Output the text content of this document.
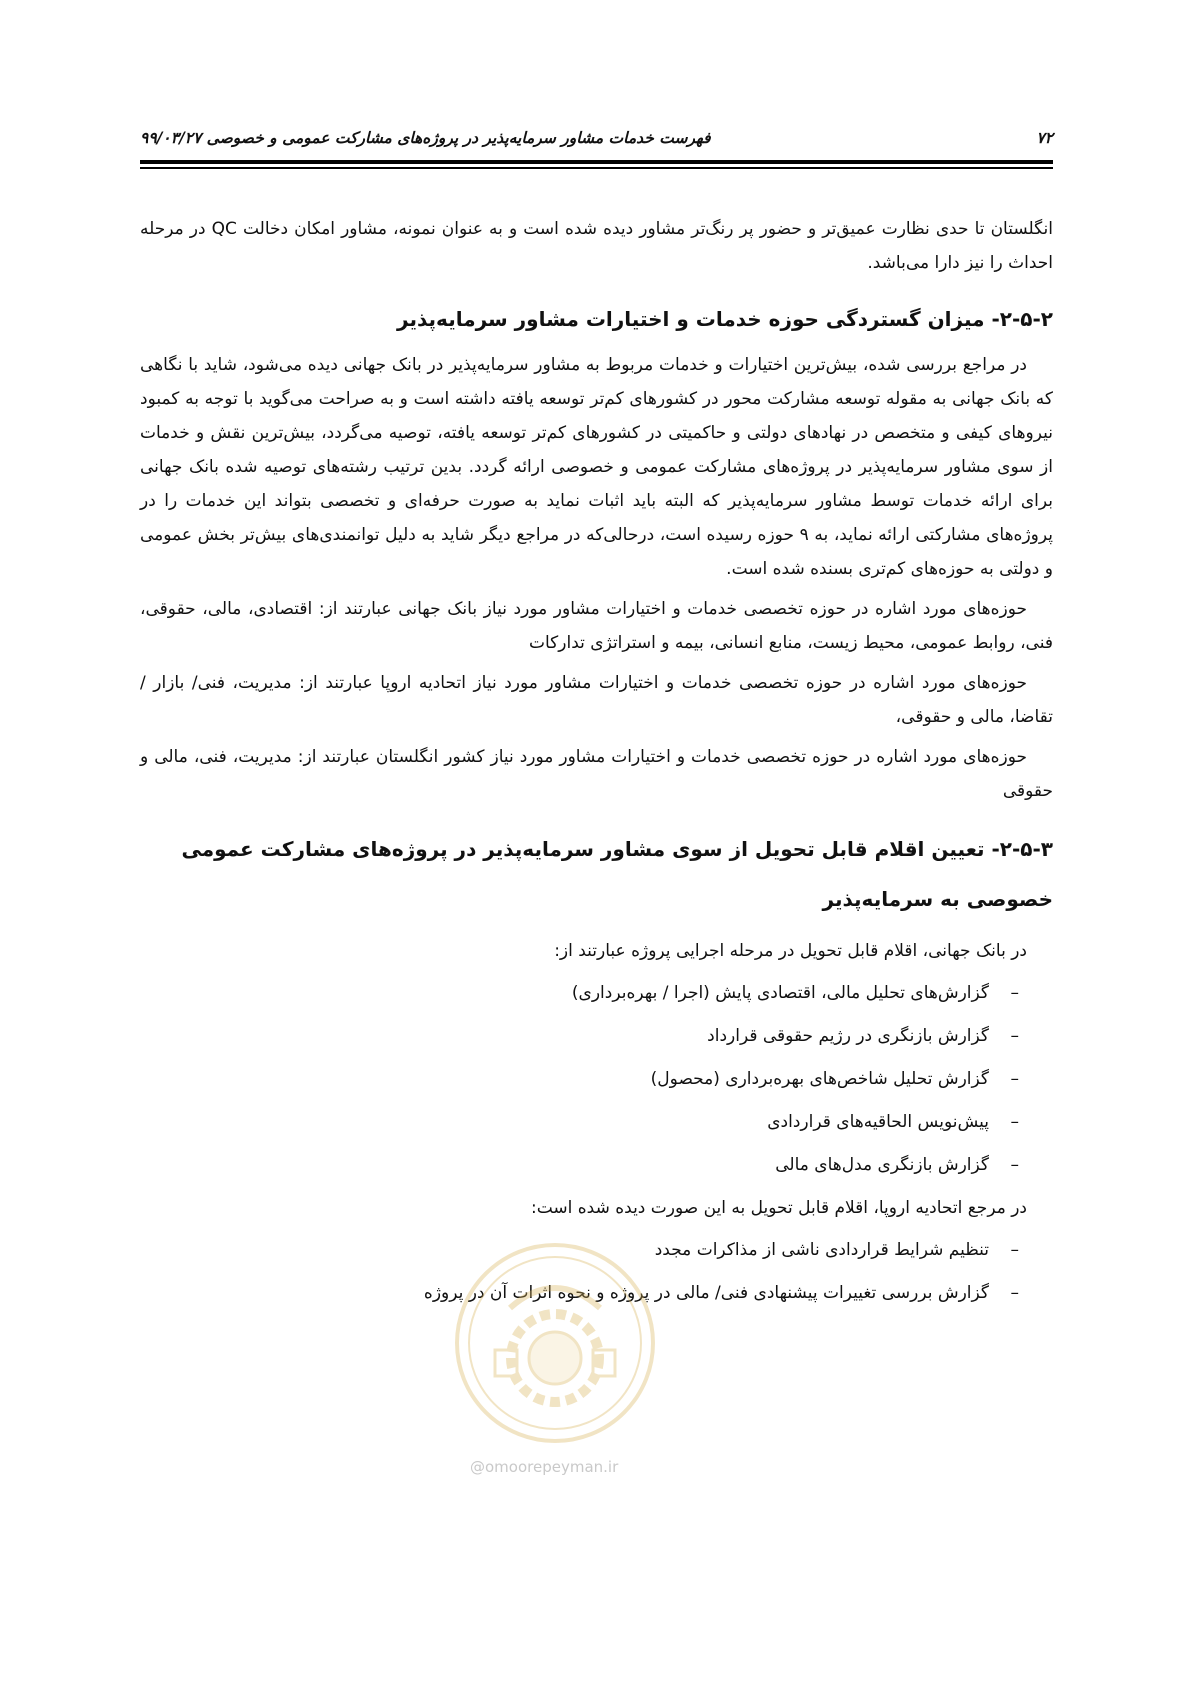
۷۲
فهرست خدمات مشاور سرمایه‌پذیر در پروژه‌های مشارکت عمومی و خصوصی ۹۹/۰۳/۲۷

انگلستان تا حدی نظارت عمیق‌تر و حضور پر رنگ‌تر مشاور دیده شده است و به عنوان نمونه، مشاور امکان دخالت QC در مرحله احداث را نیز دارا می‌باشد.

۲-۵-۲- میزان گستردگی حوزه خدمات و اختیارات مشاور سرمایه‌پذیر

در مراجع بررسی شده، بیش‌ترین اختیارات و خدمات مربوط به مشاور سرمایه‌پذیر در بانک جهانی دیده می‌شود، شاید با نگاهی که بانک جهانی به مقوله توسعه مشارکت محور در کشورهای کم‌تر توسعه یافته داشته است و به صراحت می‌گوید با توجه به کمبود نیروهای کیفی و متخصص در نهادهای دولتی و حاکمیتی در کشورهای کم‌تر توسعه یافته، توصیه می‌گردد، بیش‌ترین نقش و خدمات از سوی مشاور سرمایه‌پذیر در پروژه‌های مشارکت عمومی و خصوصی ارائه گردد. بدین ترتیب رشته‌های توصیه شده بانک جهانی برای ارائه خدمات توسط مشاور سرمایه‌پذیر که البته باید اثبات نماید به صورت حرفه‌ای و تخصصی بتواند این خدمات را در پروژه‌های مشارکتی ارائه نماید، به ۹ حوزه رسیده است، درحالی‌که در مراجع دیگر شاید به دلیل توانمندی‌های بیش‌تر بخش عمومی و دولتی به حوزه‌های کم‌تری بسنده شده است.

حوزه‌های مورد اشاره در حوزه تخصصی خدمات و اختیارات مشاور مورد نیاز بانک جهانی عبارتند از: اقتصادی، مالی، حقوقی، فنی، روابط عمومی، محیط زیست، منابع انسانی، بیمه و استراتژی تدارکات

حوزه‌های مورد اشاره در حوزه تخصصی خدمات و اختیارات مشاور مورد نیاز اتحادیه اروپا عبارتند از: مدیریت، فنی/ بازار / تقاضا، مالی و حقوقی،

حوزه‌های مورد اشاره در حوزه تخصصی خدمات و اختیارات مشاور مورد نیاز کشور انگلستان عبارتند از: مدیریت، فنی، مالی و حقوقی

۲-۵-۳- تعیین اقلام قابل تحویل از سوی مشاور سرمایه‌پذیر در پروژه‌های مشارکت عمومی خصوصی به سرمایه‌پذیر

در بانک جهانی، اقلام قابل تحویل در مرحله اجرایی پروژه عبارتند از:

–
گزارش‌های تحلیل مالی، اقتصادی پایش (اجرا / بهره‌برداری)

–
گزارش بازنگری در رژیم حقوقی قرارداد

–
گزارش تحلیل شاخص‌های بهره‌برداری (محصول)

–
پیش‌نویس الحاقیه‌های قراردادی

–
گزارش بازنگری مدل‌های مالی

در مرجع اتحادیه اروپا، اقلام قابل تحویل به این صورت دیده شده است:

–
تنظیم شرایط قراردادی ناشی از مذاکرات مجدد

–
گزارش بررسی تغییرات پیشنهادی فنی/ مالی در پروژه و نحوه اثرات آن در پروژه

@omoorepeyman.ir
